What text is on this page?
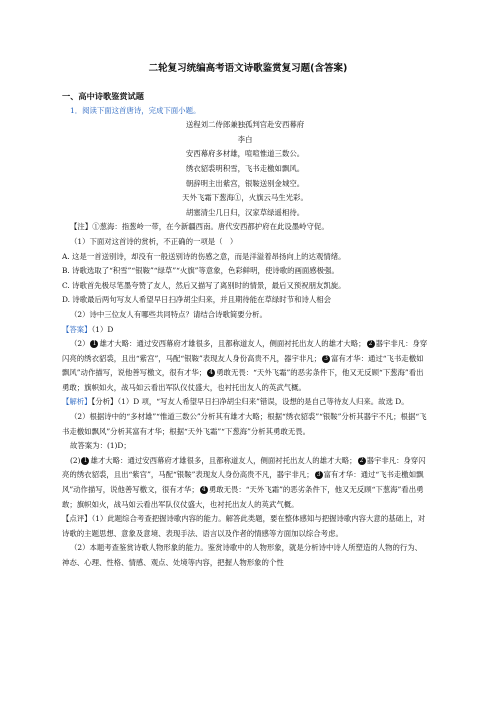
二轮复习统编高考语文诗歌鉴赏复习题(含答案)

一、高中诗歌鉴赏试题

1．阅读下面这首唐诗，完成下面小题。

送程刘二侍郎兼独孤判官赴安西幕府

李白

安西幕府多材雄，喧喧惟道三数公。

绣衣貂裘明积雪，飞书走檄如飘风。

朝辞明主出紫宫，银鞍送别金城空。

天外飞霜下葱海①，火旗云马生光彩。

胡塞清尘几日归，汉家草绿遥相待。

【注】①葱海：指葱岭一带，在今新疆西南。唐代安西都护府在此设墨岭守促。

（1）下面对这首诗的赏析，不正确的一项是（　）

A. 这是一首送别诗，却没有一般送别诗的伤感之意，而是洋溢着昂扬向上的达观情绪。

B. 诗歌选取了“积雪”“银鞍”“绿草”“火旗”等意象，色彩鲜明，使诗歌的画面感极强。

C. 诗歌首先极尽笔墨夸赞了友人，然后又描写了离别时的情景，最后又预祝朋友凯旋。

D. 诗歌最后两句写友人希望早日扫净胡尘归来，并且期待能在草绿时节和诗人相会

（2）诗中三位友人有哪些共同特点？请结合诗歌简要分析。

【答案】（1）D

（2） 1 雄才大略：通过安西幕府才雄很多，且都称道友人，侧面衬托出友人的雄才大略； 2 器宇非凡：身穿闪亮的绣衣貂裘，且出“紫宫”，马配“银鞍”表现友人身份高贵不凡，器宇非凡； 3 富有才华：通过“飞书走檄如飘风”动作描写，说他善写檄文，很有才华； 4 勇敢无畏：“天外飞霜”的恶劣条件下，他又无反顾“下葱海”看出勇敢；旗帜如火，战马如云看出军队仪仗盛大，也衬托出友人的英武气概。

【解析】【分析】（1）D 项，“写友人希望早日扫净胡尘归来”错误，设想的是自己等待友人归来。故选 D。

（2）根据诗中的“多材雄”“惟道三数公”分析其有雄才大略；根据“绣衣貂裘”“银鞍”分析其器宇不凡；根据“飞书走檄如飘风”分析其富有才华；根据“天外飞霜”“下葱海”分析其勇敢无畏。

故答案为：(1)D；

(2) 1 雄才大略：通过安西幕府才雄很多，且都称道友人，侧面衬托出友人的雄才大略； 2 器宇非凡：身穿闪亮的绣衣貂裘，且出“紫宫”，马配“银鞍”表现友人身份高贵不凡，器宇非凡； 3 富有才华：通过“飞书走檄如飘风”动作描写，说他善写檄文，很有才华； 4 勇敢无畏：“天外飞霜”的恶劣条件下，他又无反顾“下葱海”看出勇敢；旗帜如火，战马如云看出军队仪仗盛大，也衬托出友人的英武气概。

【点评】（1）此题综合考查把握诗歌内容的能力。解答此类题，要在整体感知与把握诗歌内容大意的基础上，对诗歌的主题思想、意象及意境、表现手法、语言以及作者的情感等方面加以综合考虑。

（2）本题考查鉴赏诗歌人物形象的能力。鉴赏诗歌中的人物形象，就是分析诗中诗人所塑造的人物的行为、神态、心理、性格、情感、观点、处境等内容，把握人物形象的个性
